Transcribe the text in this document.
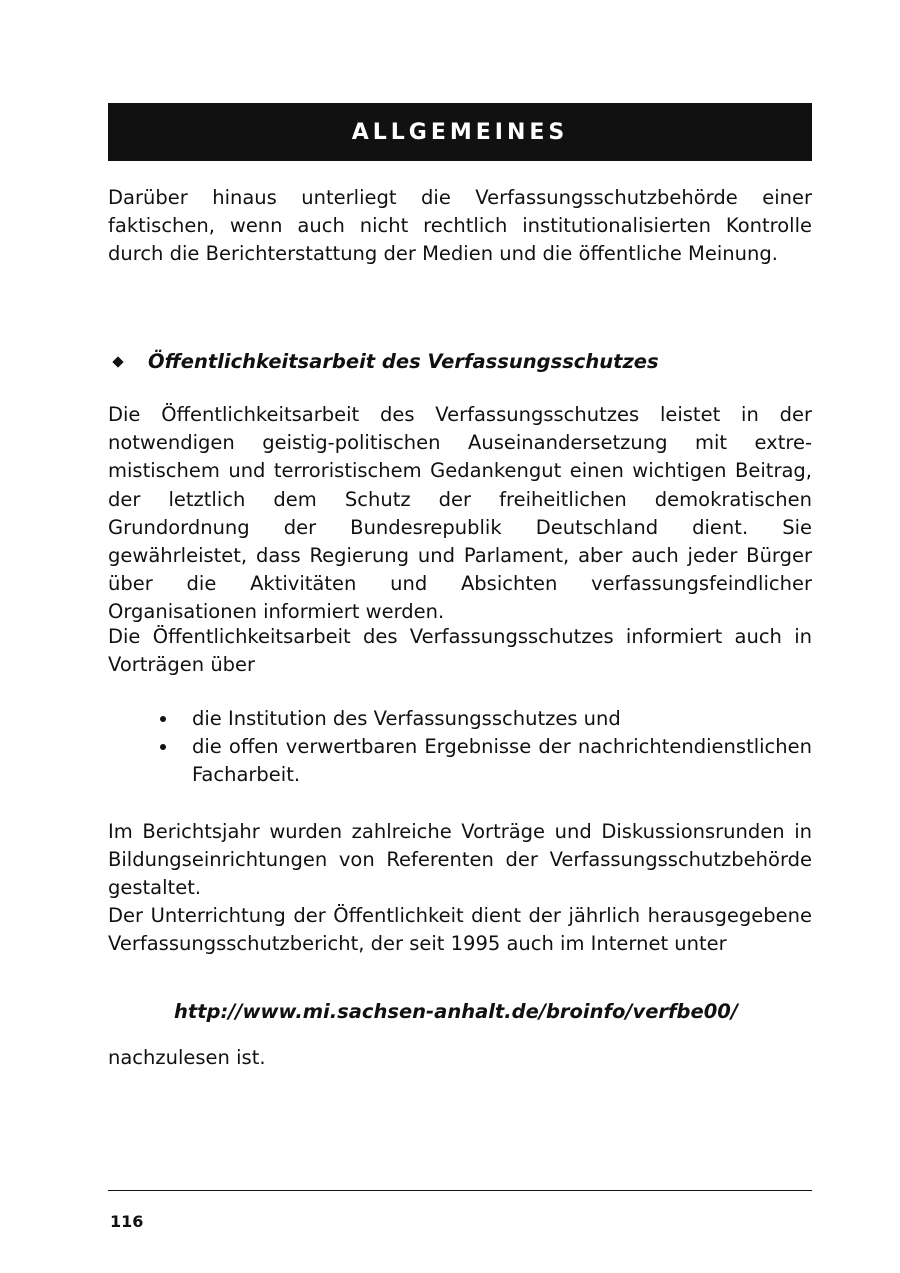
ALLGEMEINES

Darüber hinaus unterliegt die Verfassungsschutzbehörde einer faktischen, wenn auch nicht rechtlich institutionalisierten Kontrolle durch die Berichterstattung der Medien und die öffentliche Meinung.

Öffentlichkeitsarbeit des Verfassungsschutzes

Die Öffentlichkeitsarbeit des Verfassungsschutzes leistet in der notwendigen geistig-politischen Auseinandersetzung mit extremistischem und terroristischem Gedankengut einen wichtigen Beitrag, der letztlich dem Schutz der freiheitlichen demokratischen Grundordnung der Bundesrepublik Deutschland dient. Sie gewährleistet, dass Regierung und Parlament, aber auch jeder Bürger über die Aktivitäten und Absichten verfassungsfeindlicher Organisationen informiert werden.

Die Öffentlichkeitsarbeit des Verfassungsschutzes informiert auch in Vorträgen über

die Institution des Verfassungsschutzes und
die offen verwertbaren Ergebnisse der nachrichtendienstlichen Facharbeit.

Im Berichtsjahr wurden zahlreiche Vorträge und Diskussionsrunden in Bildungseinrichtungen von Referenten der Verfassungsschutzbehörde gestaltet.

Der Unterrichtung der Öffentlichkeit dient der jährlich herausgegebene Verfassungsschutzbericht, der seit 1995 auch im Internet unter

http://www.mi.sachsen-anhalt.de/broinfo/verfbe00/

nachzulesen ist.

116
